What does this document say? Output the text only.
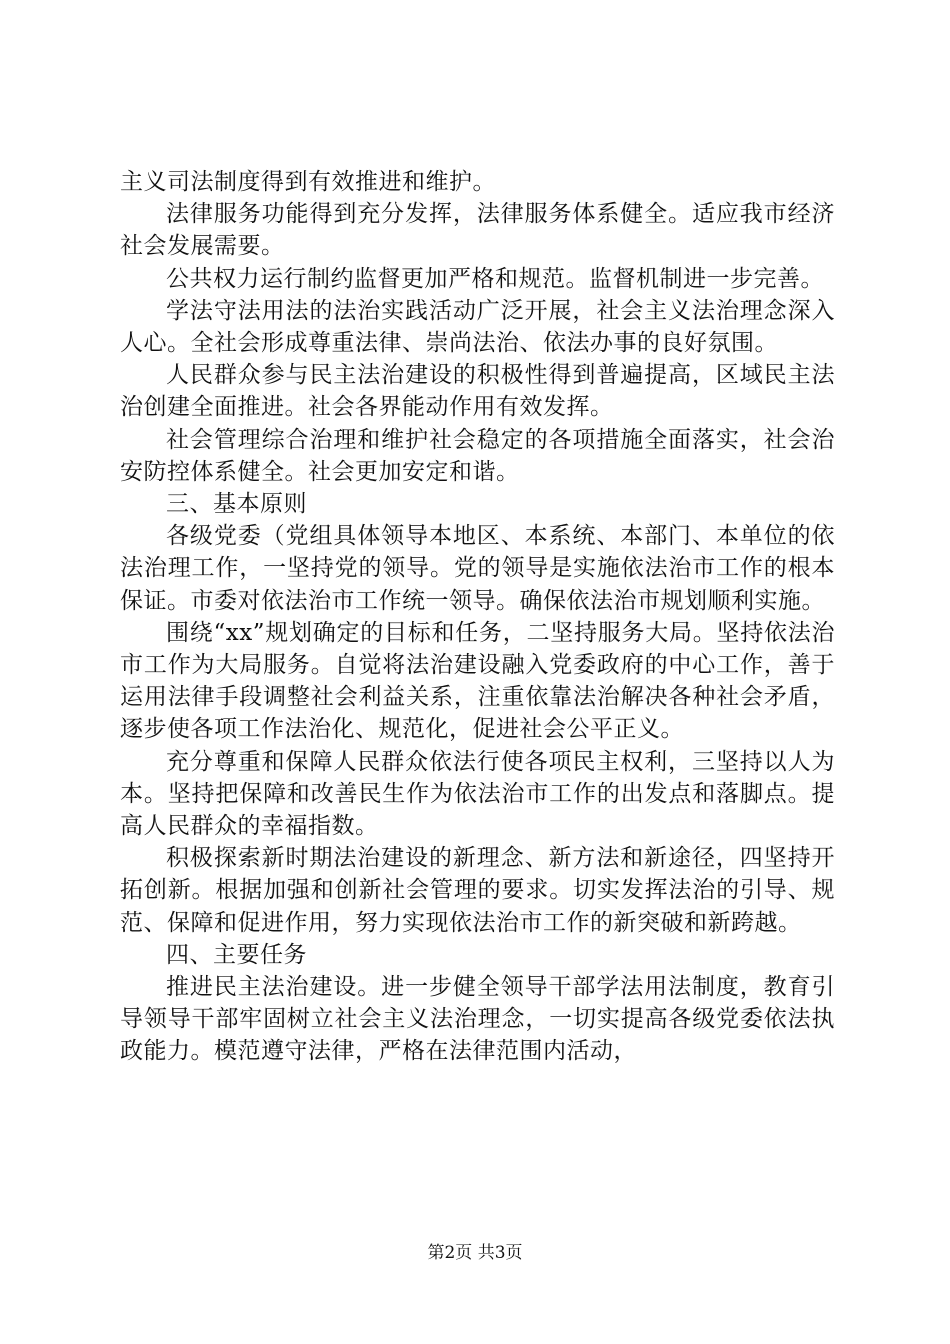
主义司法制度得到有效推进和维护。

法律服务功能得到充分发挥，法律服务体系健全。适应我市经济社会发展需要。

公共权力运行制约监督更加严格和规范。监督机制进一步完善。

学法守法用法的法治实践活动广泛开展，社会主义法治理念深入人心。全社会形成尊重法律、崇尚法治、依法办事的良好氛围。

人民群众参与民主法治建设的积极性得到普遍提高，区域民主法治创建全面推进。社会各界能动作用有效发挥。

社会管理综合治理和维护社会稳定的各项措施全面落实，社会治安防控体系健全。社会更加安定和谐。

三、基本原则

各级党委（党组具体领导本地区、本系统、本部门、本单位的依法治理工作，一坚持党的领导。党的领导是实施依法治市工作的根本保证。市委对依法治市工作统一领导。确保依法治市规划顺利实施。

围绕“xx”规划确定的目标和任务，二坚持服务大局。坚持依法治市工作为大局服务。自觉将法治建设融入党委政府的中心工作，善于运用法律手段调整社会利益关系，注重依靠法治解决各种社会矛盾，逐步使各项工作法治化、规范化，促进社会公平正义。

充分尊重和保障人民群众依法行使各项民主权利，三坚持以人为本。坚持把保障和改善民生作为依法治市工作的出发点和落脚点。提高人民群众的幸福指数。

积极探索新时期法治建设的新理念、新方法和新途径，四坚持开拓创新。根据加强和创新社会管理的要求。切实发挥法治的引导、规范、保障和促进作用，努力实现依法治市工作的新突破和新跨越。

四、主要任务

推进民主法治建设。进一步健全领导干部学法用法制度，教育引导领导干部牢固树立社会主义法治理念，一切实提高各级党委依法执政能力。模范遵守法律，严格在法律范围内活动，

第2页 共3页
